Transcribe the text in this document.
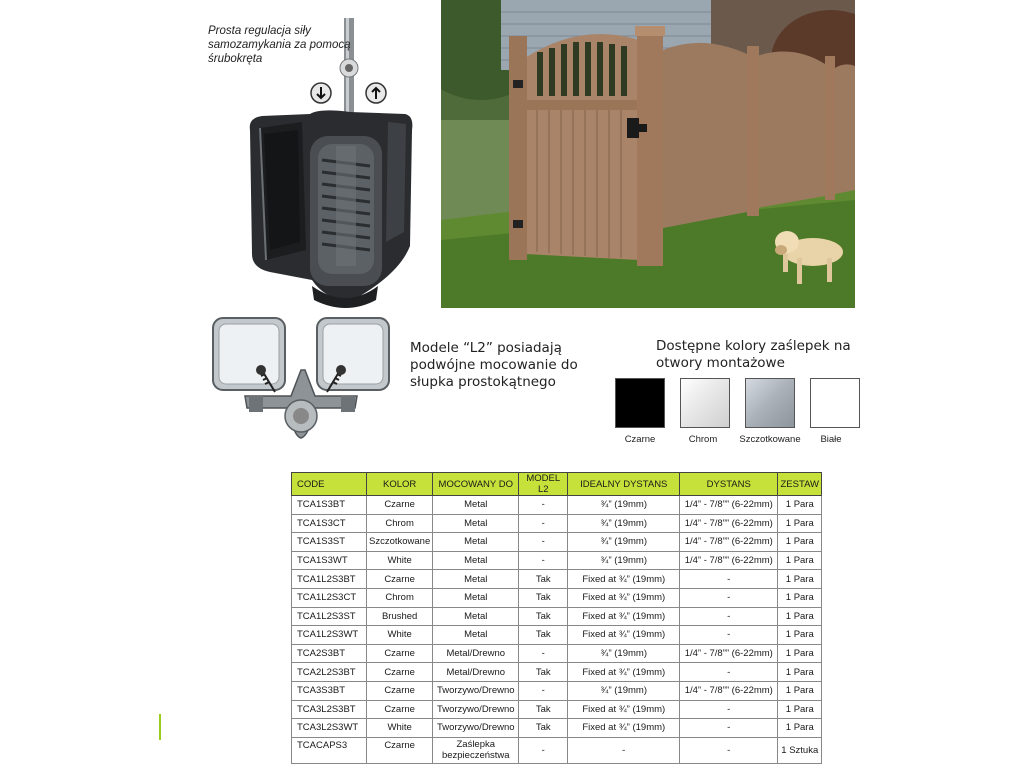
Prosta regulacja siły samozamykania za pomocą śrubokręta
Modele “L2” posiadają podwójne mocowanie do słupka prostokątnego
Dostępne kolory zaślepek na otwory montażowe
Czarne	Chrom	Szczotkowane	Białe
CODE	KOLOR	MOCOWANY DO	MODEL L2	IDEALNY DYSTANS	DYSTANS	ZESTAW
TCA1S3BT	Czarne	Metal	-	¾” (19mm)	1/4” - 7/8”” (6-22mm)	1 Para
TCA1S3CT	Chrom	Metal	-	¾” (19mm)	1/4” - 7/8”” (6-22mm)	1 Para
TCA1S3ST	Szczotkowane	Metal	-	¾” (19mm)	1/4” - 7/8”” (6-22mm)	1 Para
TCA1S3WT	White	Metal	-	¾” (19mm)	1/4” - 7/8”” (6-22mm)	1 Para
TCA1L2S3BT	Czarne	Metal	Tak	Fixed at ¾” (19mm)	-	1 Para
TCA1L2S3CT	Chrom	Metal	Tak	Fixed at ¾” (19mm)	-	1 Para
TCA1L2S3ST	Brushed	Metal	Tak	Fixed at ¾” (19mm)	-	1 Para
TCA1L2S3WT	White	Metal	Tak	Fixed at ¾” (19mm)	-	1 Para
TCA2S3BT	Czarne	Metal/Drewno	-	¾” (19mm)	1/4” - 7/8”” (6-22mm)	1 Para
TCA2L2S3BT	Czarne	Metal/Drewno	Tak	Fixed at ¾” (19mm)	-	1 Para
TCA3S3BT	Czarne	Tworzywo/Drewno	-	¾” (19mm)	1/4” - 7/8”” (6-22mm)	1 Para
TCA3L2S3BT	Czarne	Tworzywo/Drewno	Tak	Fixed at ¾” (19mm)	-	1 Para
TCA3L2S3WT	White	Tworzywo/Drewno	Tak	Fixed at ¾” (19mm)	-	1 Para
TCACAPS3	Czarne	Zaślepka bezpieczeństwa	-	-	-	1 Sztuka
